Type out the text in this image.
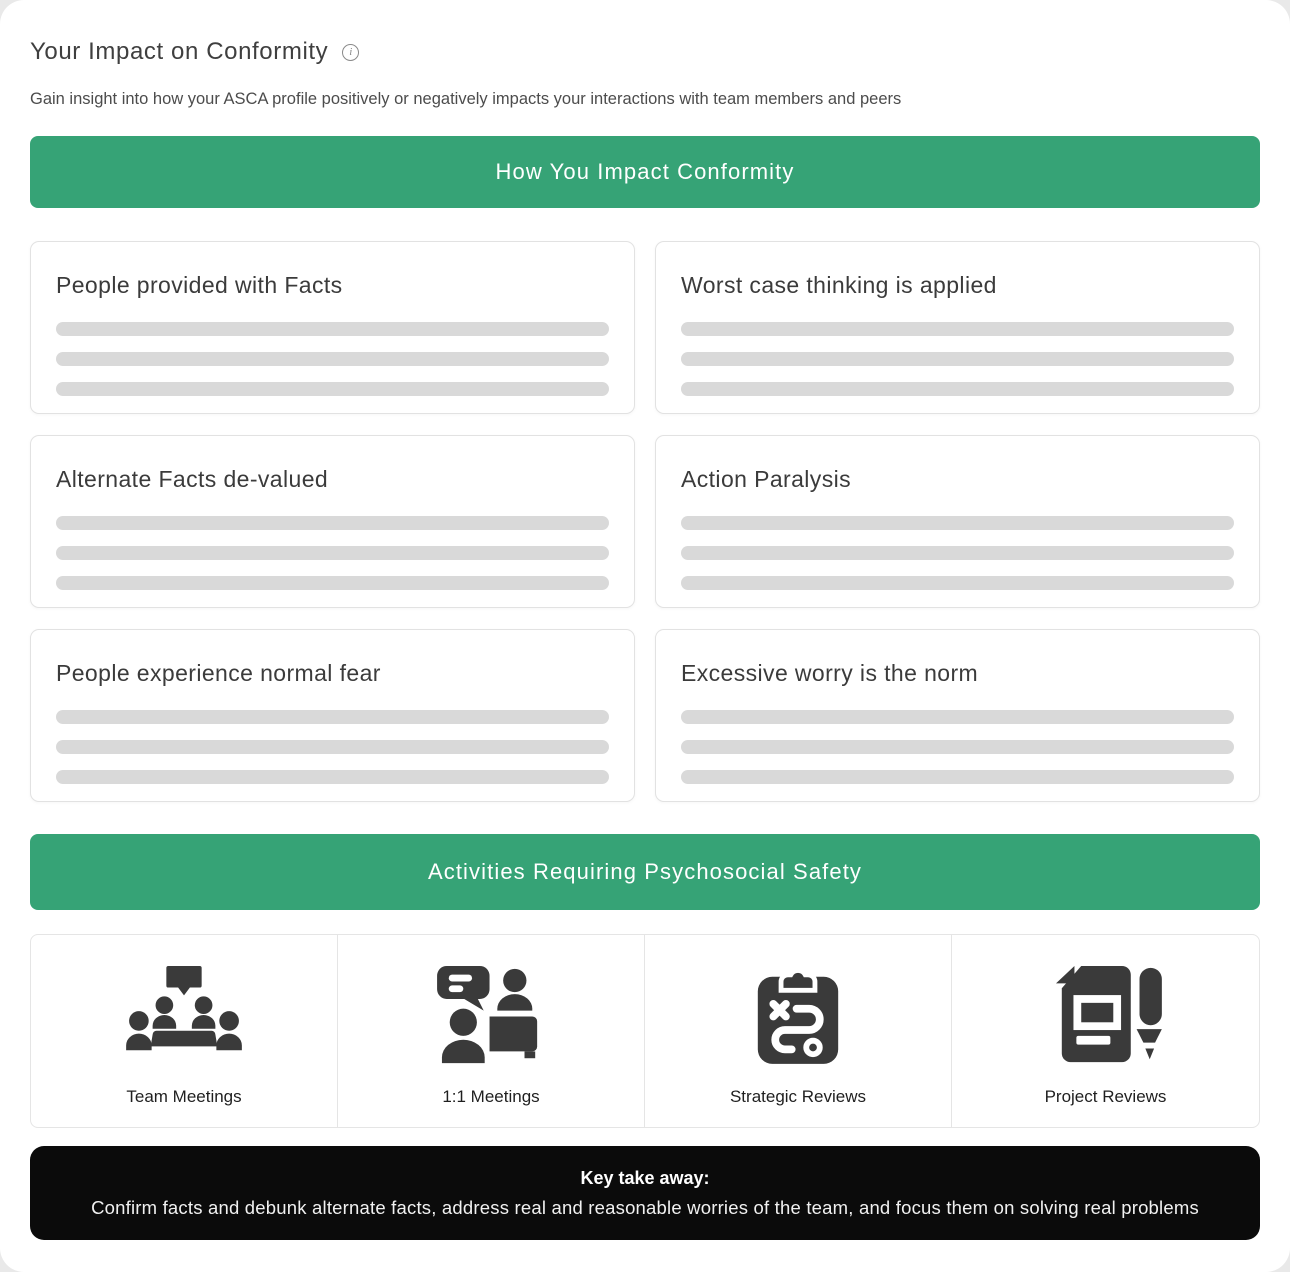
Your Impact on Conformity	i
Gain insight into how your ASCA profile positively or negatively impacts your interactions with team members and peers
How You Impact Conformity
People provided with Facts	Worst case thinking is applied
Alternate Facts de-valued	Action Paralysis
People experience normal fear	Excessive worry is the norm
Activities Requiring Psychosocial Safety
Team Meetings	1:1 Meetings	Strategic Reviews	Project Reviews
Key take away:
Confirm facts and debunk alternate facts, address real and reasonable worries of the team, and focus them on solving real problems
